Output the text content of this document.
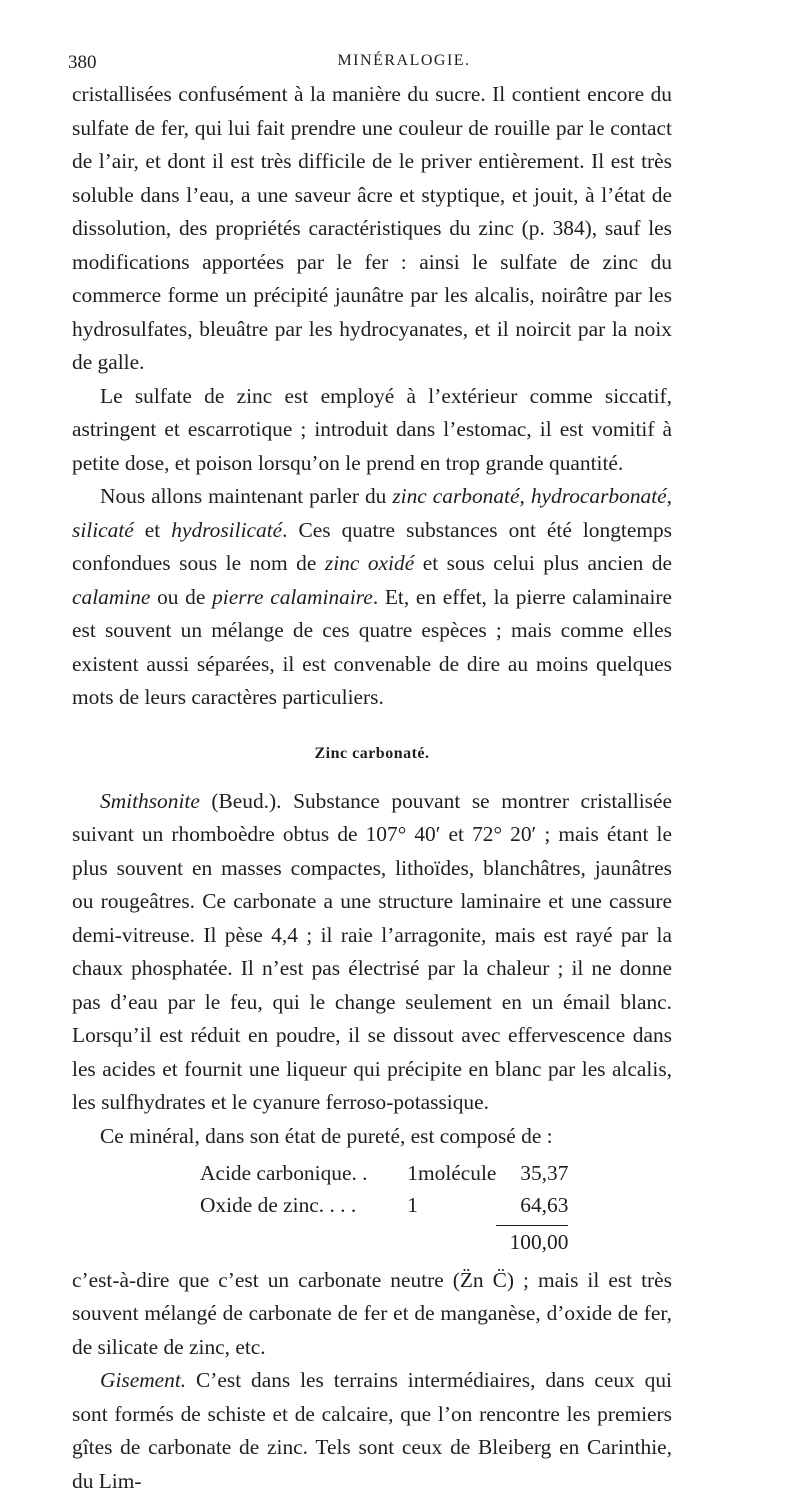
380	MINÉRALOGIE.

cristallisées confusément à la manière du sucre. Il contient encore du sulfate de fer, qui lui fait prendre une couleur de rouille par le contact de l’air, et dont il est très difficile de le priver entièrement. Il est très soluble dans l’eau, a une saveur âcre et styptique, et jouit, à l’état de dissolution, des propriétés caractéristiques du zinc (p. 384), sauf les modifications apportées par le fer : ainsi le sulfate de zinc du commerce forme un précipité jaunâtre par les alcalis, noirâtre par les hydrosulfates, bleuâtre par les hydrocyanates, et il noircit par la noix de galle.

Le sulfate de zinc est employé à l’extérieur comme siccatif, astringent et escarrotique ; introduit dans l’estomac, il est vomitif à petite dose, et poison lorsqu’on le prend en trop grande quantité.

Nous allons maintenant parler du zinc carbonaté, hydrocarbonaté, silicaté et hydrosilicaté. Ces quatre substances ont été longtemps confondues sous le nom de zinc oxidé et sous celui plus ancien de calamine ou de pierre calaminaire. Et, en effet, la pierre calaminaire est souvent un mélange de ces quatre espèces ; mais comme elles existent aussi séparées, il est convenable de dire au moins quelques mots de leurs caractères particuliers.

Zinc carbonaté.

Smithsonite (Beud.). Substance pouvant se montrer cristallisée suivant un rhomboèdre obtus de 107° 40′ et 72° 20′ ; mais étant le plus souvent en masses compactes, lithoïdes, blanchâtres, jaunâtres ou rougeâtres. Ce carbonate a une structure laminaire et une cassure demi-vitreuse. Il pèse 4,4 ; il raie l’arragonite, mais est rayé par la chaux phosphatée. Il n’est pas électrisé par la chaleur ; il ne donne pas d’eau par le feu, qui le change seulement en un émail blanc. Lorsqu’il est réduit en poudre, il se dissout avec effervescence dans les acides et fournit une liqueur qui précipite en blanc par les alcalis, les sulfhydrates et le cyanure ferroso-potassique.

Ce minéral, dans son état de pureté, est composé de :

Acide carbonique. .	1	molécule	35,37
Oxide de zinc. . . .	1		64,63

			100,00

c’est-à-dire que c’est un carbonate neutre (Z̈n C̈) ; mais il est très souvent mélangé de carbonate de fer et de manganèse, d’oxide de fer, de silicate de zinc, etc.

Gisement. C’est dans les terrains intermédiaires, dans ceux qui sont formés de schiste et de calcaire, que l’on rencontre les premiers gîtes de carbonate de zinc. Tels sont ceux de Bleiberg en Carinthie, du Lim-
